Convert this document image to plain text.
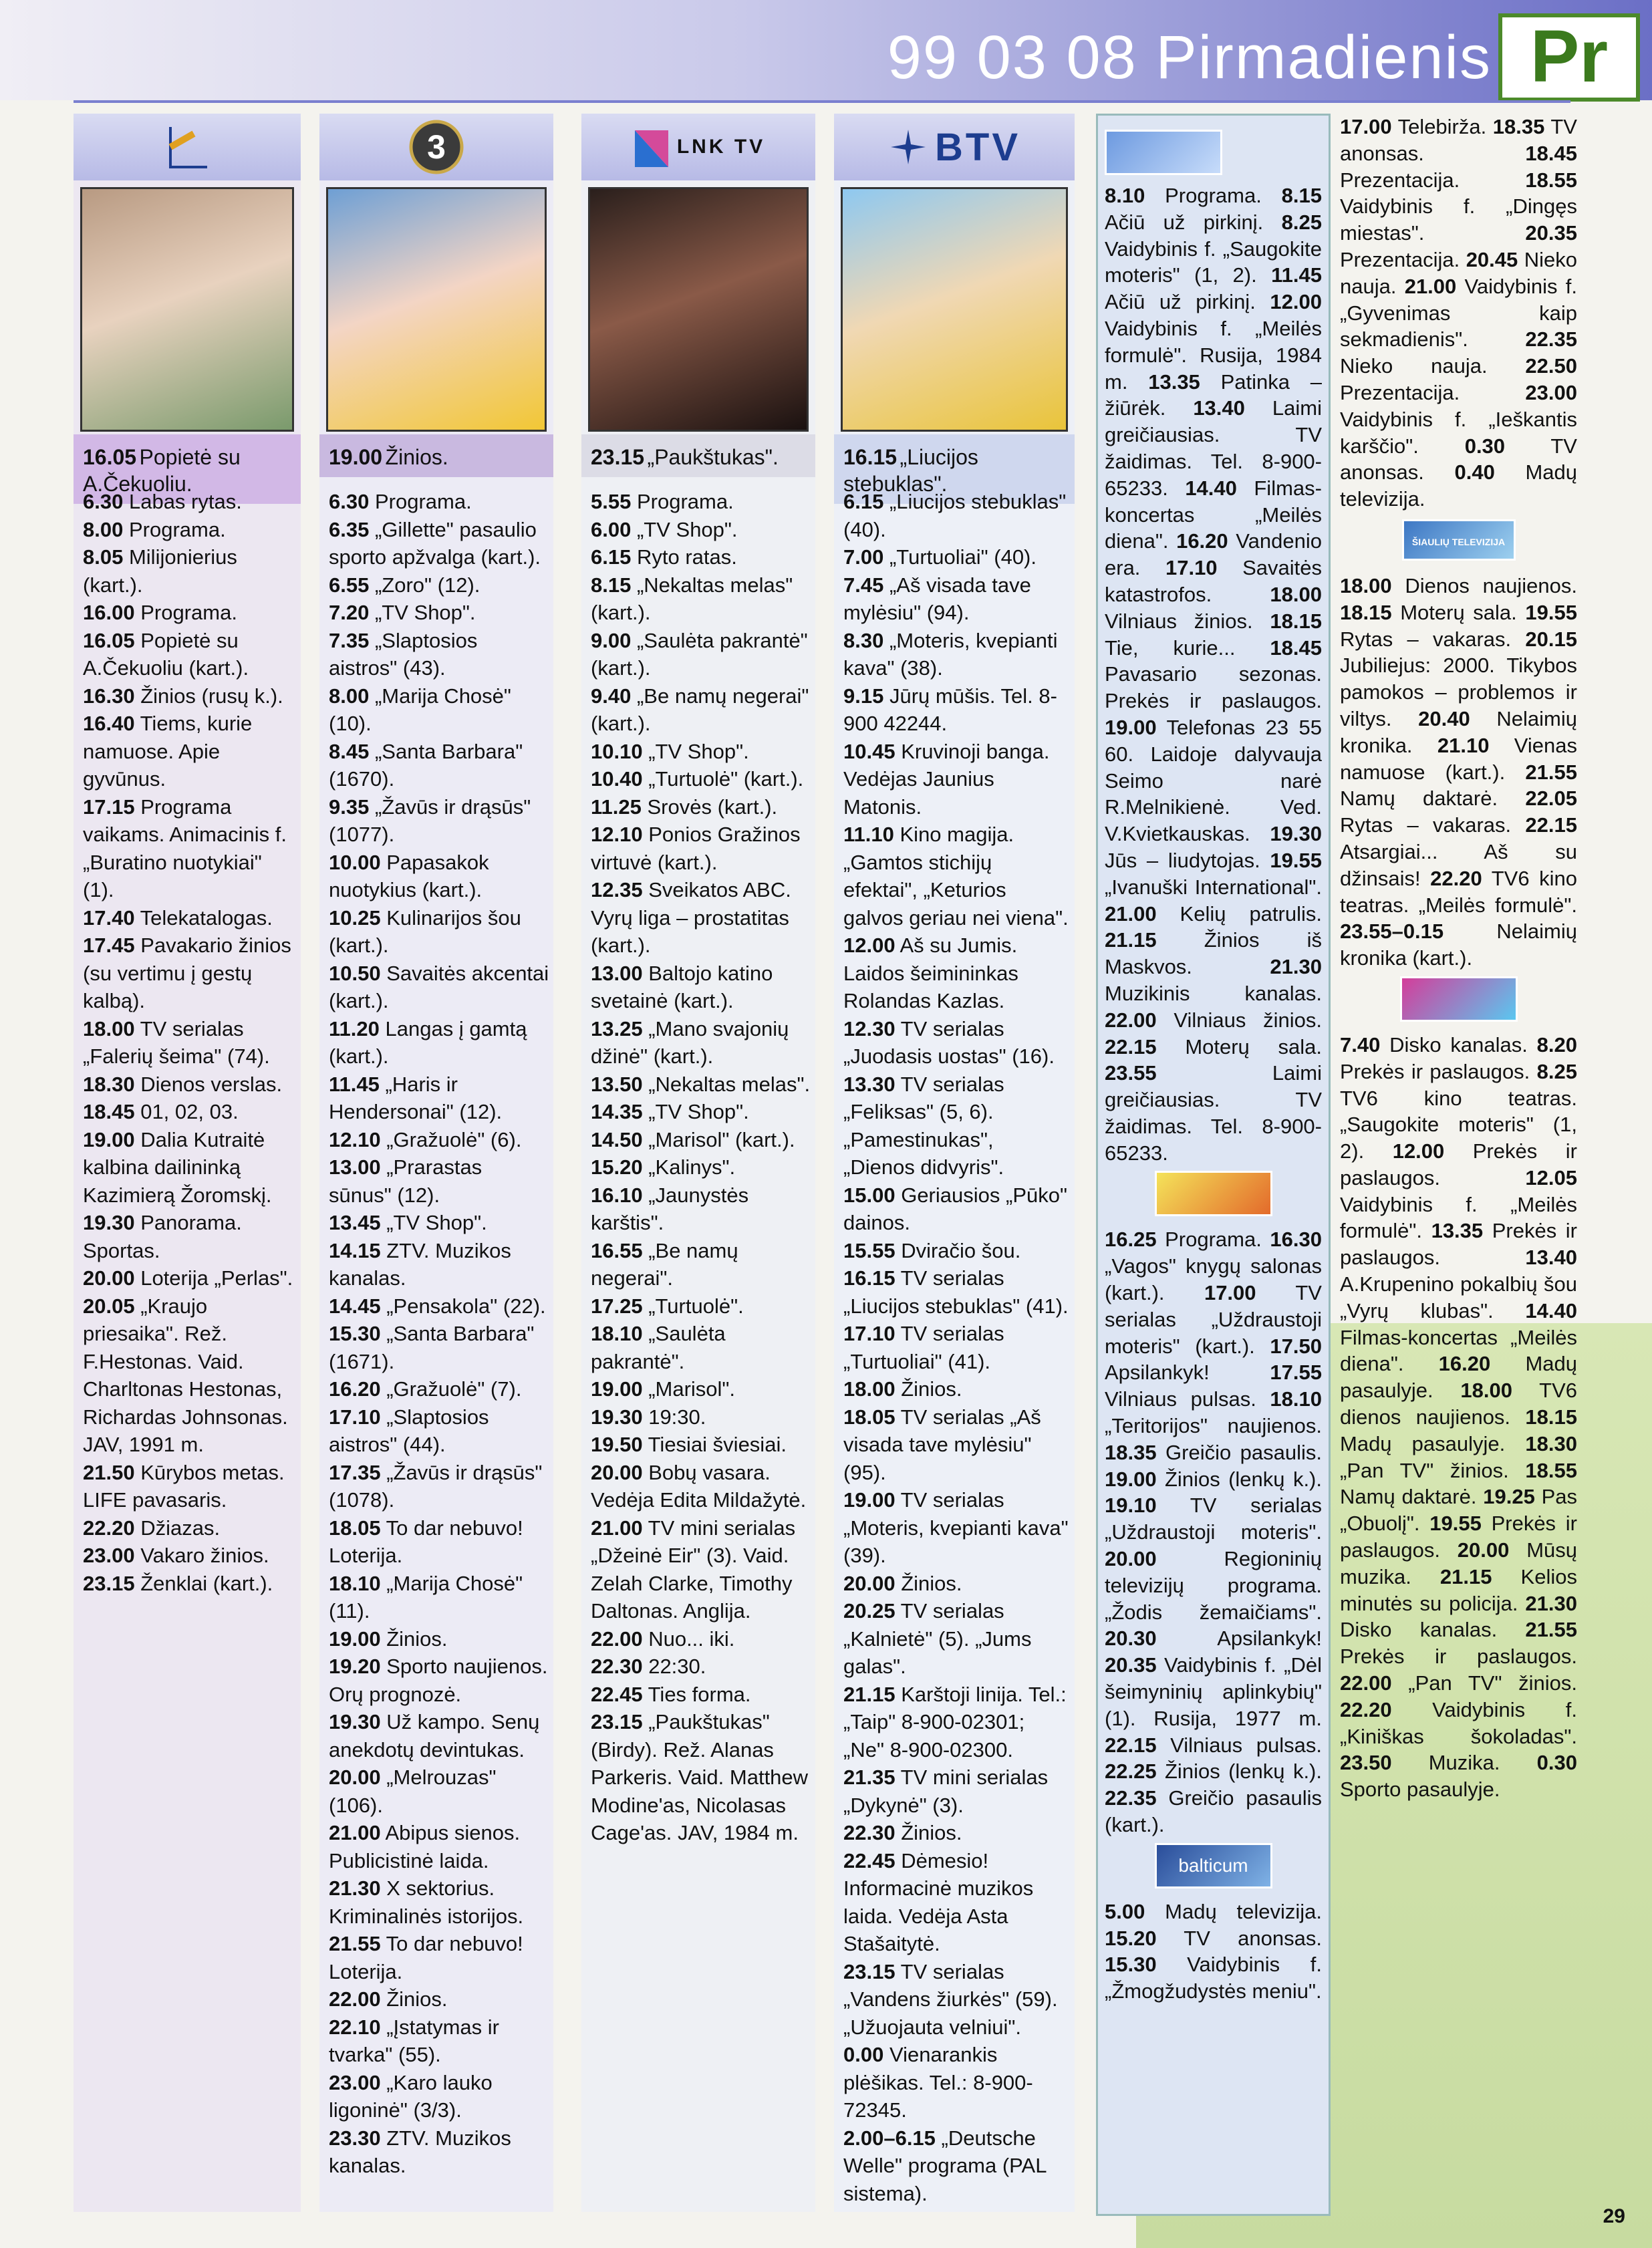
99 03 08 Pirmadienis Pr
16.05 Popietė su A.Čekuoliu.
6.30 Labas rytas.
8.00 Programa.
8.05 Milijonierius (kart.).
16.00 Programa.
16.05 Popietė su A.Čekuoliu (kart.).
16.30 Žinios (rusų k.).
16.40 Tiems, kurie namuose. Apie gyvūnus.
17.15 Programa vaikams. Animacinis f. „Buratino nuotykiai" (1).
17.40 Telekatalogas.
17.45 Pavakario žinios (su vertimu į gestų kalbą).
18.00 TV serialas „Falerių šeima" (74).
18.30 Dienos verslas.
18.45 01, 02, 03.
19.00 Dalia Kutraitė kalbina dailininką Kazimierą Žoromskį.
19.30 Panorama. Sportas.
20.00 Loterija „Perlas".
20.05 „Kraujo priesaika". Rež. F.Hestonas. Vaid. Charltonas Hestonas, Richardas Johnsonas. JAV, 1991 m.
21.50 Kūrybos metas. LIFE pavasaris.
22.20 Džiazas.
23.00 Vakaro žinios.
23.15 Ženklai (kart.).
3
19.00 Žinios.
6.30 Programa.
6.35 „Gillette" pasaulio sporto apžvalga (kart.).
6.55 „Zoro" (12).
7.20 „TV Shop".
7.35 „Slaptosios aistros" (43).
8.00 „Marija Chosė" (10).
8.45 „Santa Barbara" (1670).
9.35 „Žavūs ir drąsūs" (1077).
10.00 Papasakok nuotykius (kart.).
10.25 Kulinarijos šou (kart.).
10.50 Savaitės akcentai (kart.).
11.20 Langas į gamtą (kart.).
11.45 „Haris ir Hendersonai" (12).
12.10 „Gražuolė" (6).
13.00 „Prarastas sūnus" (12).
13.45 „TV Shop".
14.15 ZTV. Muzikos kanalas.
14.45 „Pensakola" (22).
15.30 „Santa Barbara" (1671).
16.20 „Gražuolė" (7).
17.10 „Slaptosios aistros" (44).
17.35 „Žavūs ir drąsūs" (1078).
18.05 To dar nebuvo! Loterija.
18.10 „Marija Chosė" (11).
19.00 Žinios.
19.20 Sporto naujienos. Orų prognozė.
19.30 Už kampo. Senų anekdotų devintukas.
20.00 „Melrouzas" (106).
21.00 Abipus sienos. Publicistinė laida.
21.30 X sektorius. Kriminalinės istorijos.
21.55 To dar nebuvo! Loterija.
22.00 Žinios.
22.10 „Įstatymas ir tvarka" (55).
23.00 „Karo lauko ligoninė" (3/3).
23.30 ZTV. Muzikos kanalas.
LNK TV
23.15 „Paukštukas".
5.55 Programa.
6.00 „TV Shop".
6.15 Ryto ratas.
8.15 „Nekaltas melas" (kart.).
9.00 „Saulėta pakrantė" (kart.).
9.40 „Be namų negerai" (kart.).
10.10 „TV Shop".
10.40 „Turtuolė" (kart.).
11.25 Srovės (kart.).
12.10 Ponios Gražinos virtuvė (kart.).
12.35 Sveikatos ABC. Vyrų liga – prostatitas (kart.).
13.00 Baltojo katino svetainė (kart.).
13.25 „Mano svajonių džinė" (kart.).
13.50 „Nekaltas melas".
14.35 „TV Shop".
14.50 „Marisol" (kart.).
15.20 „Kalinys".
16.10 „Jaunystės karštis".
16.55 „Be namų negerai".
17.25 „Turtuolė".
18.10 „Saulėta pakrantė".
19.00 „Marisol".
19.30 19:30.
19.50 Tiesiai šviesiai.
20.00 Bobų vasara. Vedėja Edita Mildažytė.
21.00 TV mini serialas „Džeinė Eir" (3). Vaid. Zelah Clarke, Timothy Daltonas. Anglija.
22.00 Nuo... iki.
22.30 22:30.
22.45 Ties forma.
23.15 „Paukštukas" (Birdy). Rež. Alanas Parkeris. Vaid. Matthew Modine'as, Nicolasas Cage'as. JAV, 1984 m.
BTV
16.15 „Liucijos stebuklas".
6.15 „Liucijos stebuklas" (40).
7.00 „Turtuoliai" (40).
7.45 „Aš visada tave mylėsiu" (94).
8.30 „Moteris, kvepianti kava" (38).
9.15 Jūrų mūšis. Tel. 8-900 42244.
10.45 Kruvinoji banga. Vedėjas Jaunius Matonis.
11.10 Kino magija. „Gamtos stichijų efektai", „Keturios galvos geriau nei viena".
12.00 Aš su Jumis. Laidos šeimininkas Rolandas Kazlas.
12.30 TV serialas „Juodasis uostas" (16).
13.30 TV serialas „Feliksas" (5, 6). „Pamestinukas", „Dienos didvyris".
15.00 Geriausios „Pūko" dainos.
15.55 Dviračio šou.
16.15 TV serialas „Liucijos stebuklas" (41).
17.10 TV serialas „Turtuoliai" (41).
18.00 Žinios.
18.05 TV serialas „Aš visada tave mylėsiu" (95).
19.00 TV serialas „Moteris, kvepianti kava" (39).
20.00 Žinios.
20.25 TV serialas „Kalnietė" (5). „Jums galas".
21.15 Karštoji linija. Tel.: „Taip" 8-900-02301; „Ne" 8-900-02300.
21.35 TV mini serialas „Dykynė" (3).
22.30 Žinios.
22.45 Dėmesio! Informacinė muzikos laida. Vedėja Asta Stašaitytė.
23.15 TV serialas „Vandens žiurkės" (59). „Užuojauta velniui".
0.00 Vienarankis plėšikas. Tel.: 8-900-72345.
2.00–6.15 „Deutsche Welle" programa (PAL sistema).
8.10 Programa. 8.15 Ačiū už pirkinį. 8.25 Vaidybinis f. „Saugokite moteris" (1, 2). 11.45 Ačiū už pirkinį. 12.00 Vaidybinis f. „Meilės formulė". Rusija, 1984 m. 13.35 Patinka – žiūrėk. 13.40 Laimi greičiausias. TV žaidimas. Tel. 8-900-65233. 14.40 Filmas-koncertas „Meilės diena". 16.20 Vandenio era. 17.10 Savaitės katastrofos.	18.00 Vilniaus žinios. 18.15 Tie, kurie... 18.45 Pavasario sezonas. Prekės ir paslaugos. 19.00 Telefonas 23 55 60. Laidoje dalyvauja Seimo narė R.Melnikienė. Ved. V.Kvietkauskas. 19.30 Jūs – liudytojas. 19.55 „Ivanuški International". 21.00 Kelių patrulis. 21.15 Žinios iš Maskvos.	21.30 Muzikinis kanalas. 22.00 Vilniaus žinios. 22.15 Moterų sala. 23.55	Laimi greičiausias. TV žaidimas. Tel. 8-900-65233.
16.25 Programa. 16.30 „Vagos" knygų salonas (kart.). 17.00 TV serialas „Uždraustoji moteris" (kart.). 17.50 Apsilankyk!	17.55 Vilniaus pulsas. 18.10 „Teritorijos" naujienos. 18.35 Greičio pasaulis. 19.00 Žinios (lenkų k.). 19.10 TV serialas „Uždraustoji moteris". 20.00	Regioninių televizijų programa. „Žodis žemaičiams". 20.30	Apsilankyk! 20.35 Vaidybinis f. „Dėl šeimyninių aplinkybių" (1). Rusija, 1977 m. 22.15 Vilniaus pulsas. 22.25 Žinios (lenkų k.). 22.35 Greičio pasaulis (kart.).
balticum
5.00 Madų televizija. 15.20 TV anonsas. 15.30 Vaidybinis f. „Žmogžudystės meniu".
17.00 Telebirža. 18.35 TV anonsas.	18.45 Prezentacija.	18.55 Vaidybinis f. „Dingęs miestas".	20.35 Prezentacija. 20.45 Nieko nauja. 21.00 Vaidybinis f. „Gyvenimas kaip sekmadienis".	22.35 Nieko nauja. 22.50 Prezentacija.	23.00 Vaidybinis f. „Ieškantis karščio". 0.30 TV anonsas. 0.40 Madų televizija.
ŠIAULIŲ TELEVIZIJA
18.00 Dienos naujienos. 18.15 Moterų sala. 19.55 Rytas – vakaras. 20.15 Jubiliejus: 2000. Tikybos pamokos – problemos ir viltys. 20.40 Nelaimių kronika. 21.10 Vienas namuose (kart.). 21.55 Namų daktarė. 22.05 Rytas – vakaras. 22.15 Atsargiai... Aš su džinsais! 22.20 TV6 kino teatras. „Meilės formulė". 23.55–0.15	Nelaimių kronika (kart.).
7.40 Disko kanalas. 8.20 Prekės ir paslaugos. 8.25 TV6 kino teatras. „Saugokite moteris" (1, 2). 12.00 Prekės ir paslaugos.	12.05 Vaidybinis f. „Meilės formulė". 13.35 Prekės ir paslaugos.	13.40 A.Krupenino pokalbių šou „Vyrų klubas". 14.40 Filmas-koncertas „Meilės diena". 16.20 Madų pasaulyje. 18.00 TV6 dienos naujienos. 18.15 Madų pasaulyje. 18.30 „Pan TV" žinios. 18.55 Namų daktarė. 19.25 Pas „Obuolį". 19.55 Prekės ir paslaugos. 20.00 Mūsų muzika. 21.15 Kelios minutės su policija. 21.30 Disko kanalas. 21.55 Prekės ir paslaugos. 22.00 „Pan TV" žinios. 22.20 Vaidybinis f. „Kiniškas šokoladas". 23.50 Muzika. 0.30 Sporto pasaulyje.
29
